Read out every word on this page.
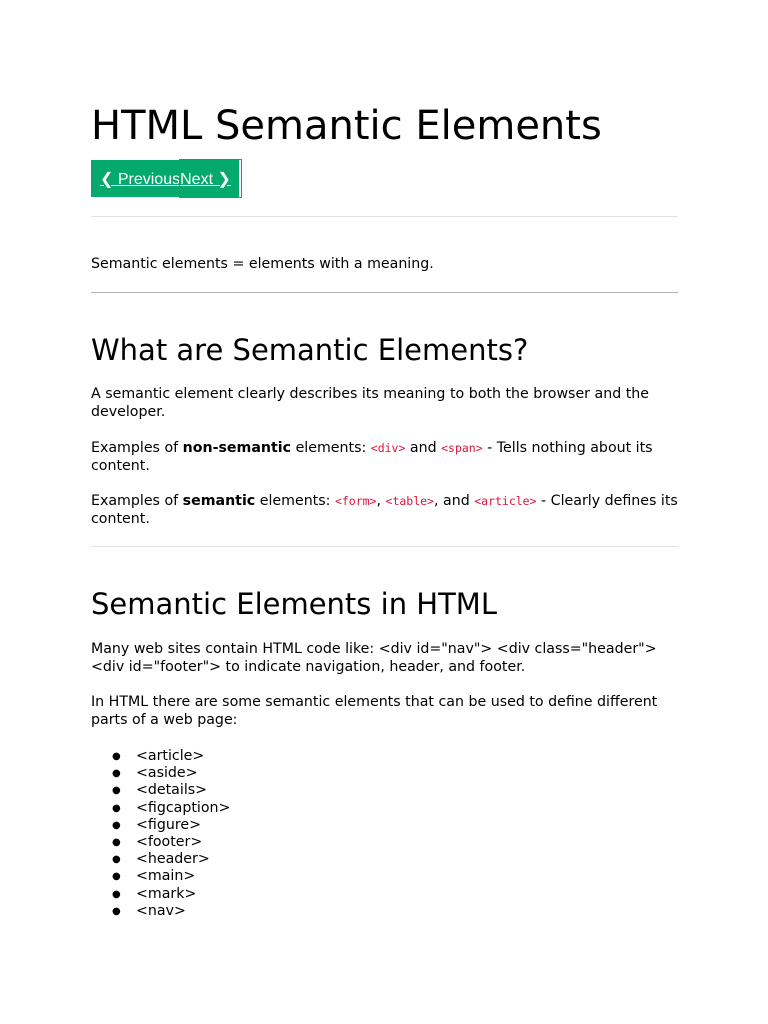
HTML Semantic Elements
❮ Previous Next ❯

Semantic elements = elements with a meaning.

What are Semantic Elements?

A semantic element clearly describes its meaning to both the browser and the developer.

Examples of non-semantic elements: <div> and <span> - Tells nothing about its content.

Examples of semantic elements: <form>, <table>, and <article> - Clearly defines its content.

Semantic Elements in HTML

Many web sites contain HTML code like: <div id="nav"> <div class="header"> <div id="footer"> to indicate navigation, header, and footer.

In HTML there are some semantic elements that can be used to define different parts of a web page:

● <article>
● <aside>
● <details>
● <figcaption>
● <figure>
● <footer>
● <header>
● <main>
● <mark>
● <nav>
